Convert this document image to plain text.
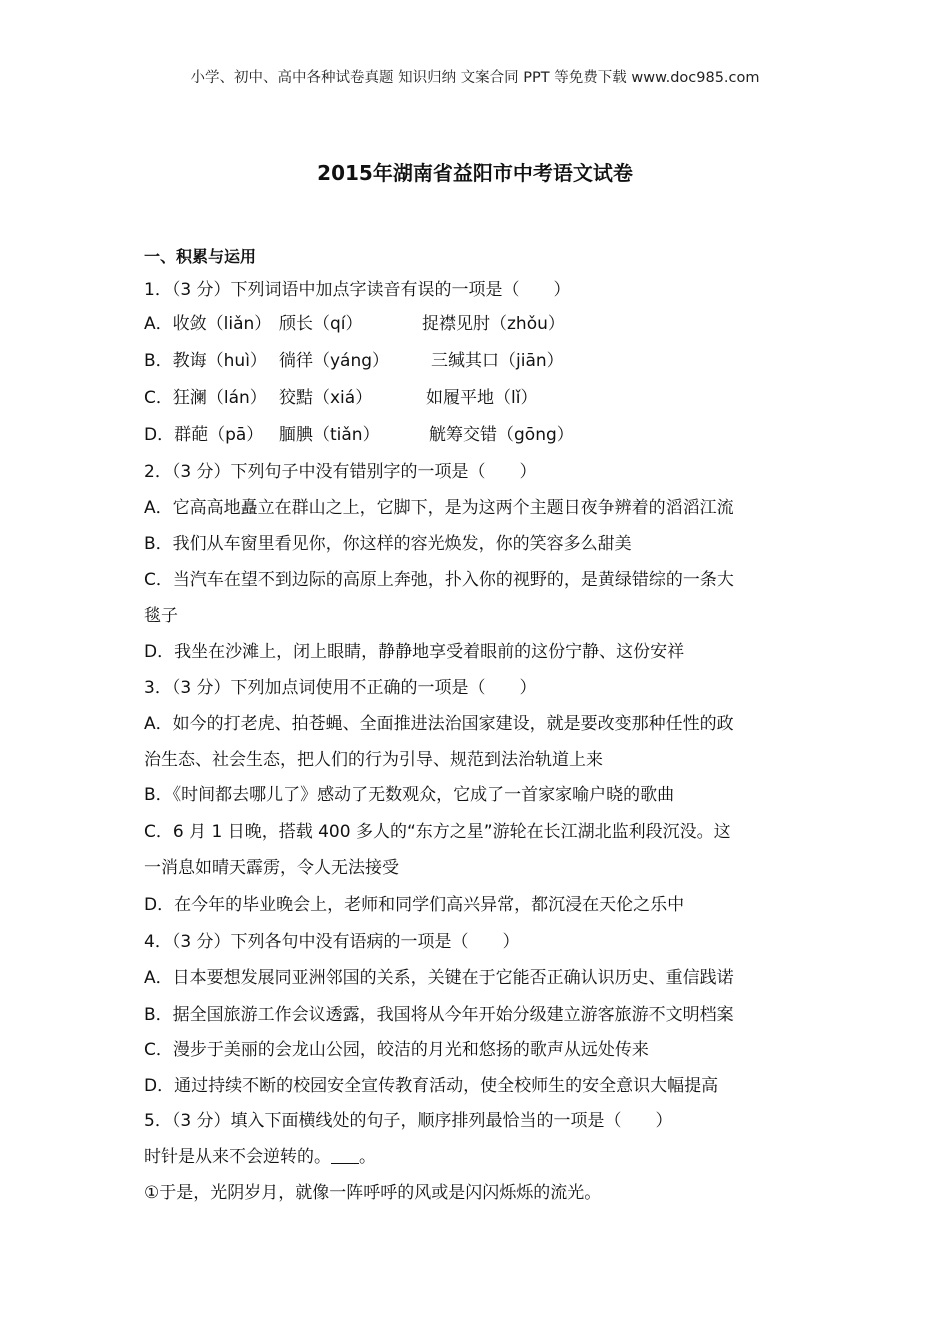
小学、初中、高中各种试卷真题 知识归纳 文案合同 PPT 等免费下载 www.doc985.com
2015年湖南省益阳市中考语文试卷
一、积累与运用
1．（3 分）下列词语中加点字读音有误的一项是（　　）
A．收敛（liǎn） 颀长（qí）	捉襟见肘（zhǒu）
B．教诲（huì） 徜徉（yáng） 三缄其口（jiān）
C．狂澜（lán） 狡黠（xiá）	如履平地（lǐ）
D．群葩（pā） 腼腆（tiǎn）	觥筹交错（gōng）
2．（3 分）下列句子中没有错别字的一项是（　　）
A．它高高地矗立在群山之上，它脚下，是为这两个主题日夜争辨着的滔滔江流
B．我们从车窗里看见你，你这样的容光焕发，你的笑容多么甜美
C．当汽车在望不到边际的高原上奔弛，扑入你的视野的，是黄绿错综的一条大
毯子
D．我坐在沙滩上，闭上眼睛，静静地享受着眼前的这份宁静、这份安祥
3．（3 分）下列加点词使用不正确的一项是（　　）
A．如今的打老虎、拍苍蝇、全面推进法治国家建设，就是要改变那种任性的政
治生态、社会生态，把人们的行为引导、规范到法治轨道上来
B．《时间都去哪儿了》感动了无数观众，它成了一首家家喻户晓的歌曲
C．6 月 1 日晚，搭载 400 多人的“东方之星”游轮在长江湖北监利段沉没。这
一消息如晴天霹雳，令人无法接受
D．在今年的毕业晚会上，老师和同学们高兴异常，都沉浸在天伦之乐中
4．（3 分）下列各句中没有语病的一项是（　　）
A．日本要想发展同亚洲邻国的关系，关键在于它能否正确认识历史、重信践诺
B．据全国旅游工作会议透露，我国将从今年开始分级建立游客旅游不文明档案
C．漫步于美丽的会龙山公园，皎洁的月光和悠扬的歌声从远处传来
D．通过持续不断的校园安全宣传教育活动，使全校师生的安全意识大幅提高
5．（3 分）填入下面横线处的句子，顺序排列最恰当的一项是（　　）
时针是从来不会逆转的。 。
①于是，光阴岁月，就像一阵呼呼的风或是闪闪烁烁的流光。
